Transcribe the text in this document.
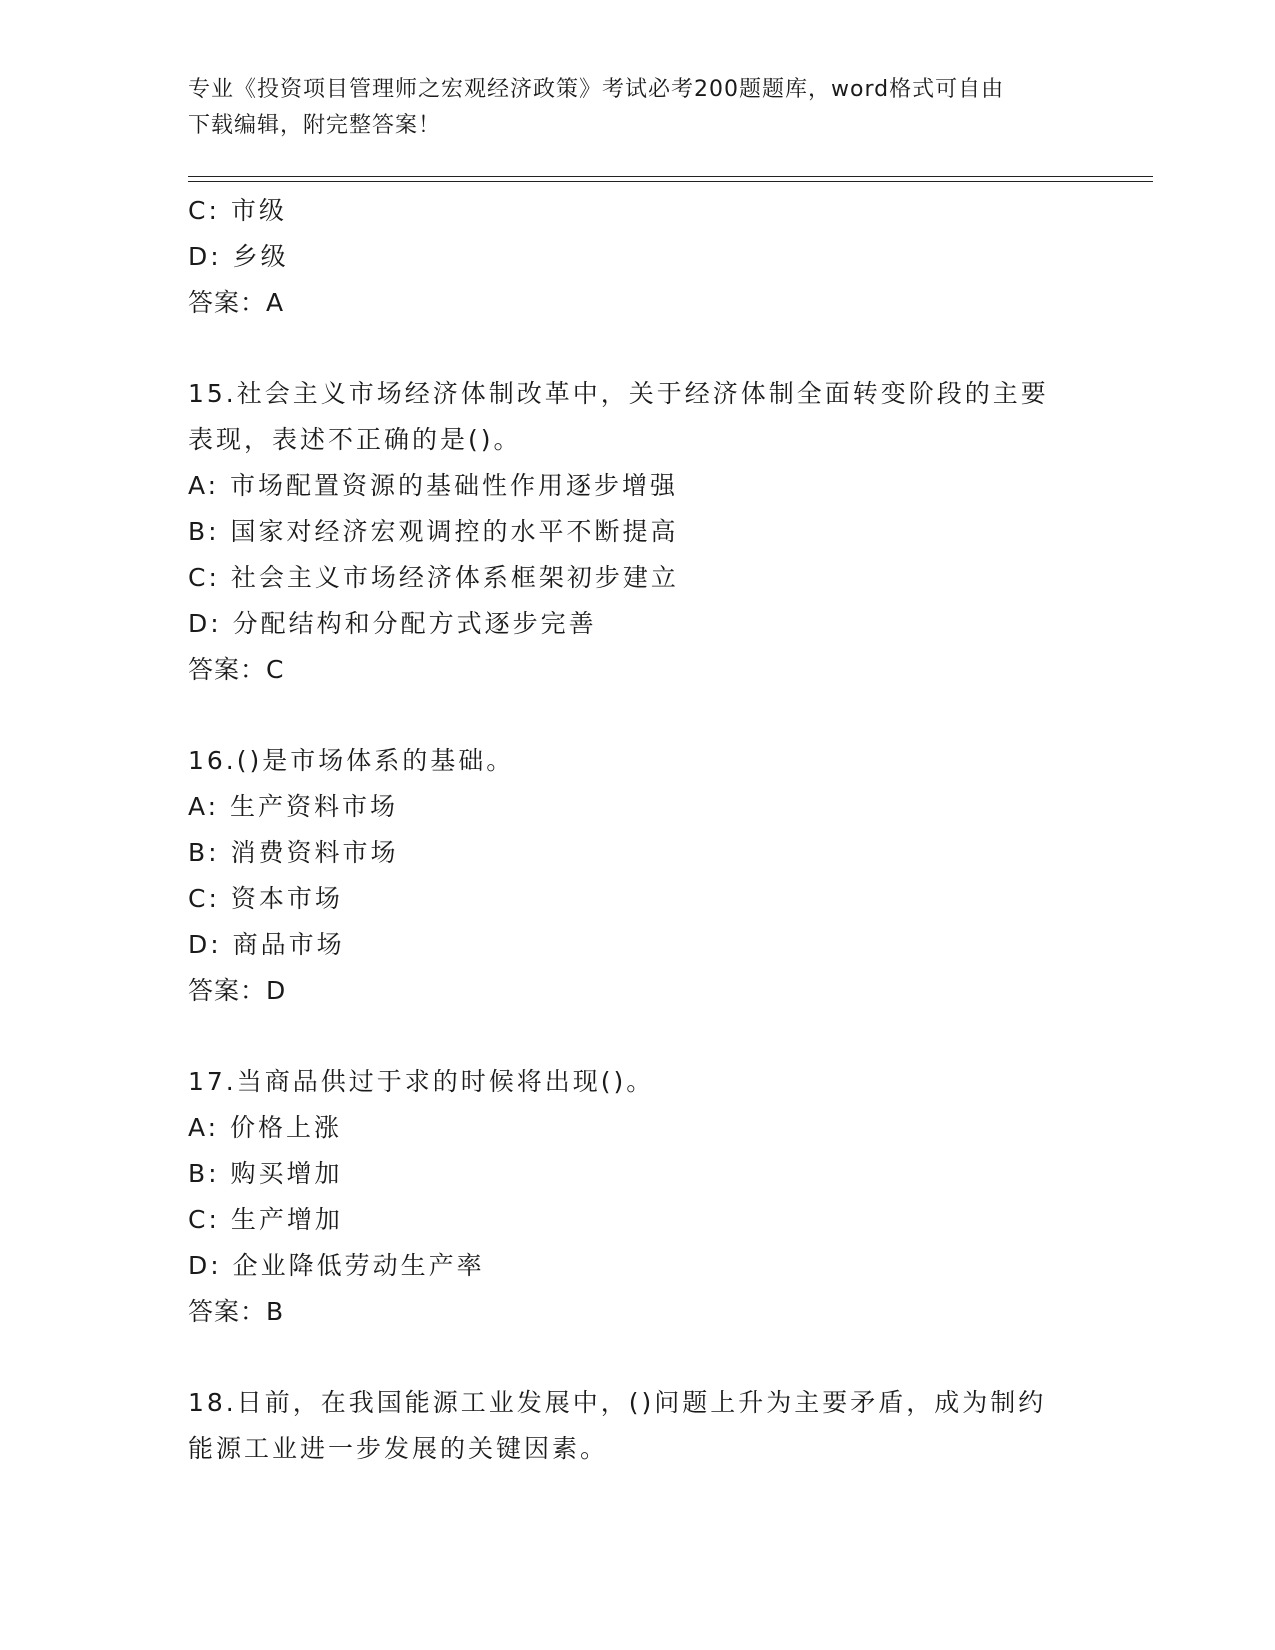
专业《投资项目管理师之宏观经济政策》考试必考200题题库，word格式可自由
下载编辑，附完整答案！
C: 市级
D: 乡级
答案：A
15.社会主义市场经济体制改革中，关于经济体制全面转变阶段的主要
表现，表述不正确的是()。
A: 市场配置资源的基础性作用逐步增强
B: 国家对经济宏观调控的水平不断提高
C: 社会主义市场经济体系框架初步建立
D: 分配结构和分配方式逐步完善
答案：C
16.()是市场体系的基础。
A: 生产资料市场
B: 消费资料市场
C: 资本市场
D: 商品市场
答案：D
17.当商品供过于求的时候将出现()。
A: 价格上涨
B: 购买增加
C: 生产增加
D: 企业降低劳动生产率
答案：B
18.日前，在我国能源工业发展中，()问题上升为主要矛盾，成为制约
能源工业进一步发展的关键因素。
